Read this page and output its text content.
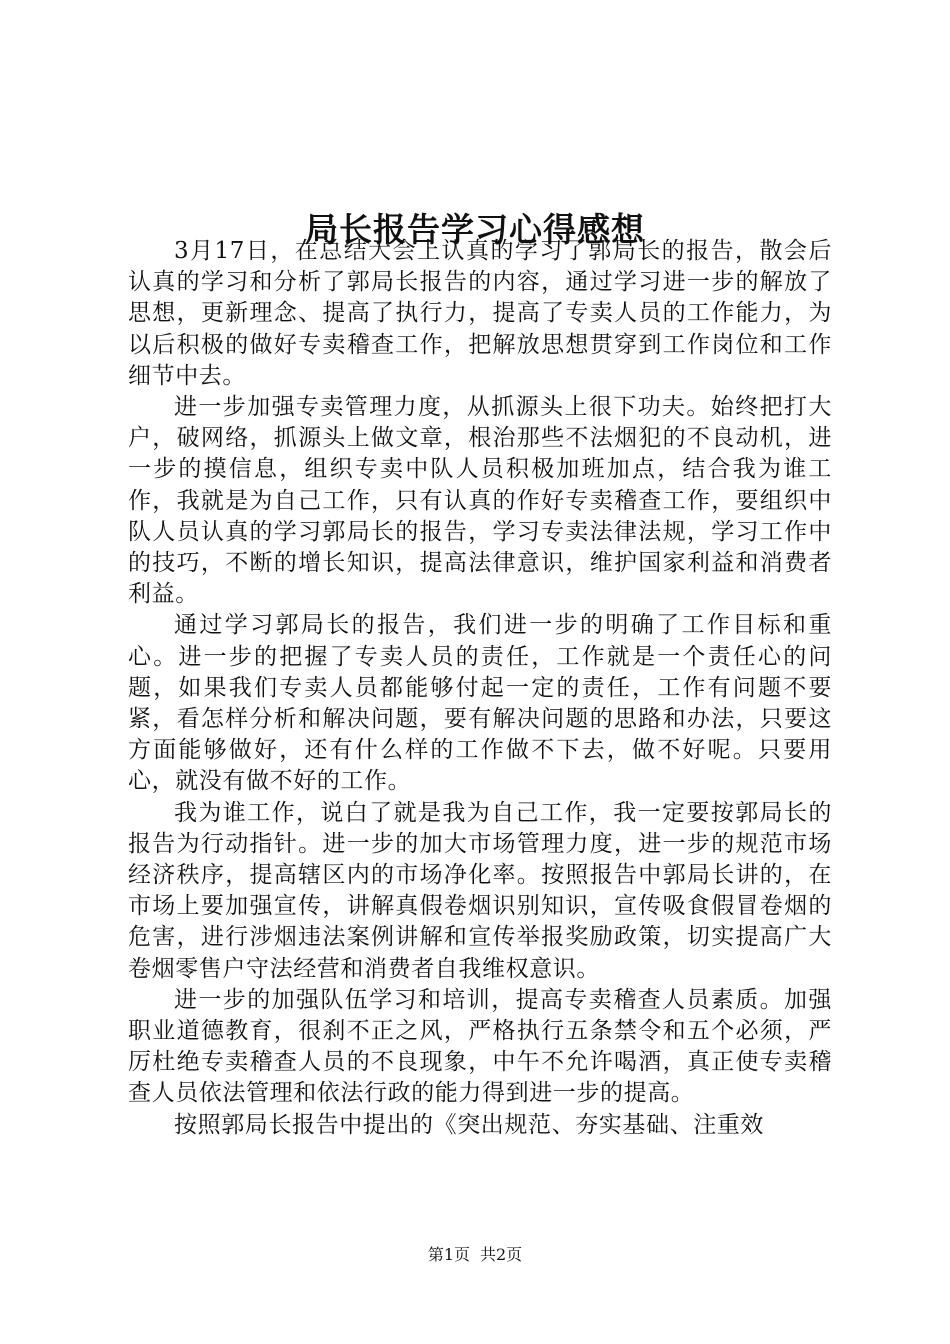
局长报告学习心得感想

3月17日，在总结大会上认真的学习了郭局长的报告，散会后认真的学习和分析了郭局长报告的内容，通过学习进一步的解放了思想，更新理念、提高了执行力，提高了专卖人员的工作能力，为以后积极的做好专卖稽查工作，把解放思想贯穿到工作岗位和工作细节中去。

进一步加强专卖管理力度，从抓源头上很下功夫。始终把打大户，破网络，抓源头上做文章，根治那些不法烟犯的不良动机，进一步的摸信息，组织专卖中队人员积极加班加点，结合我为谁工作，我就是为自己工作，只有认真的作好专卖稽查工作，要组织中队人员认真的学习郭局长的报告，学习专卖法律法规，学习工作中的技巧，不断的增长知识，提高法律意识，维护国家利益和消费者利益。

通过学习郭局长的报告，我们进一步的明确了工作目标和重心。进一步的把握了专卖人员的责任，工作就是一个责任心的问题，如果我们专卖人员都能够付起一定的责任，工作有问题不要紧，看怎样分析和解决问题，要有解决问题的思路和办法，只要这方面能够做好，还有什么样的工作做不下去，做不好呢。只要用心，就没有做不好的工作。

我为谁工作，说白了就是我为自己工作，我一定要按郭局长的报告为行动指针。进一步的加大市场管理力度，进一步的规范市场经济秩序，提高辖区内的市场净化率。按照报告中郭局长讲的，在市场上要加强宣传，讲解真假卷烟识别知识，宣传吸食假冒卷烟的危害，进行涉烟违法案例讲解和宣传举报奖励政策，切实提高广大卷烟零售户守法经营和消费者自我维权意识。

进一步的加强队伍学习和培训，提高专卖稽查人员素质。加强职业道德教育，很刹不正之风，严格执行五条禁令和五个必须，严厉杜绝专卖稽查人员的不良现象，中午不允许喝酒，真正使专卖稽查人员依法管理和依法行政的能力得到进一步的提高。

按照郭局长报告中提出的《突出规范、夯实基础、注重效

第1页 共2页
